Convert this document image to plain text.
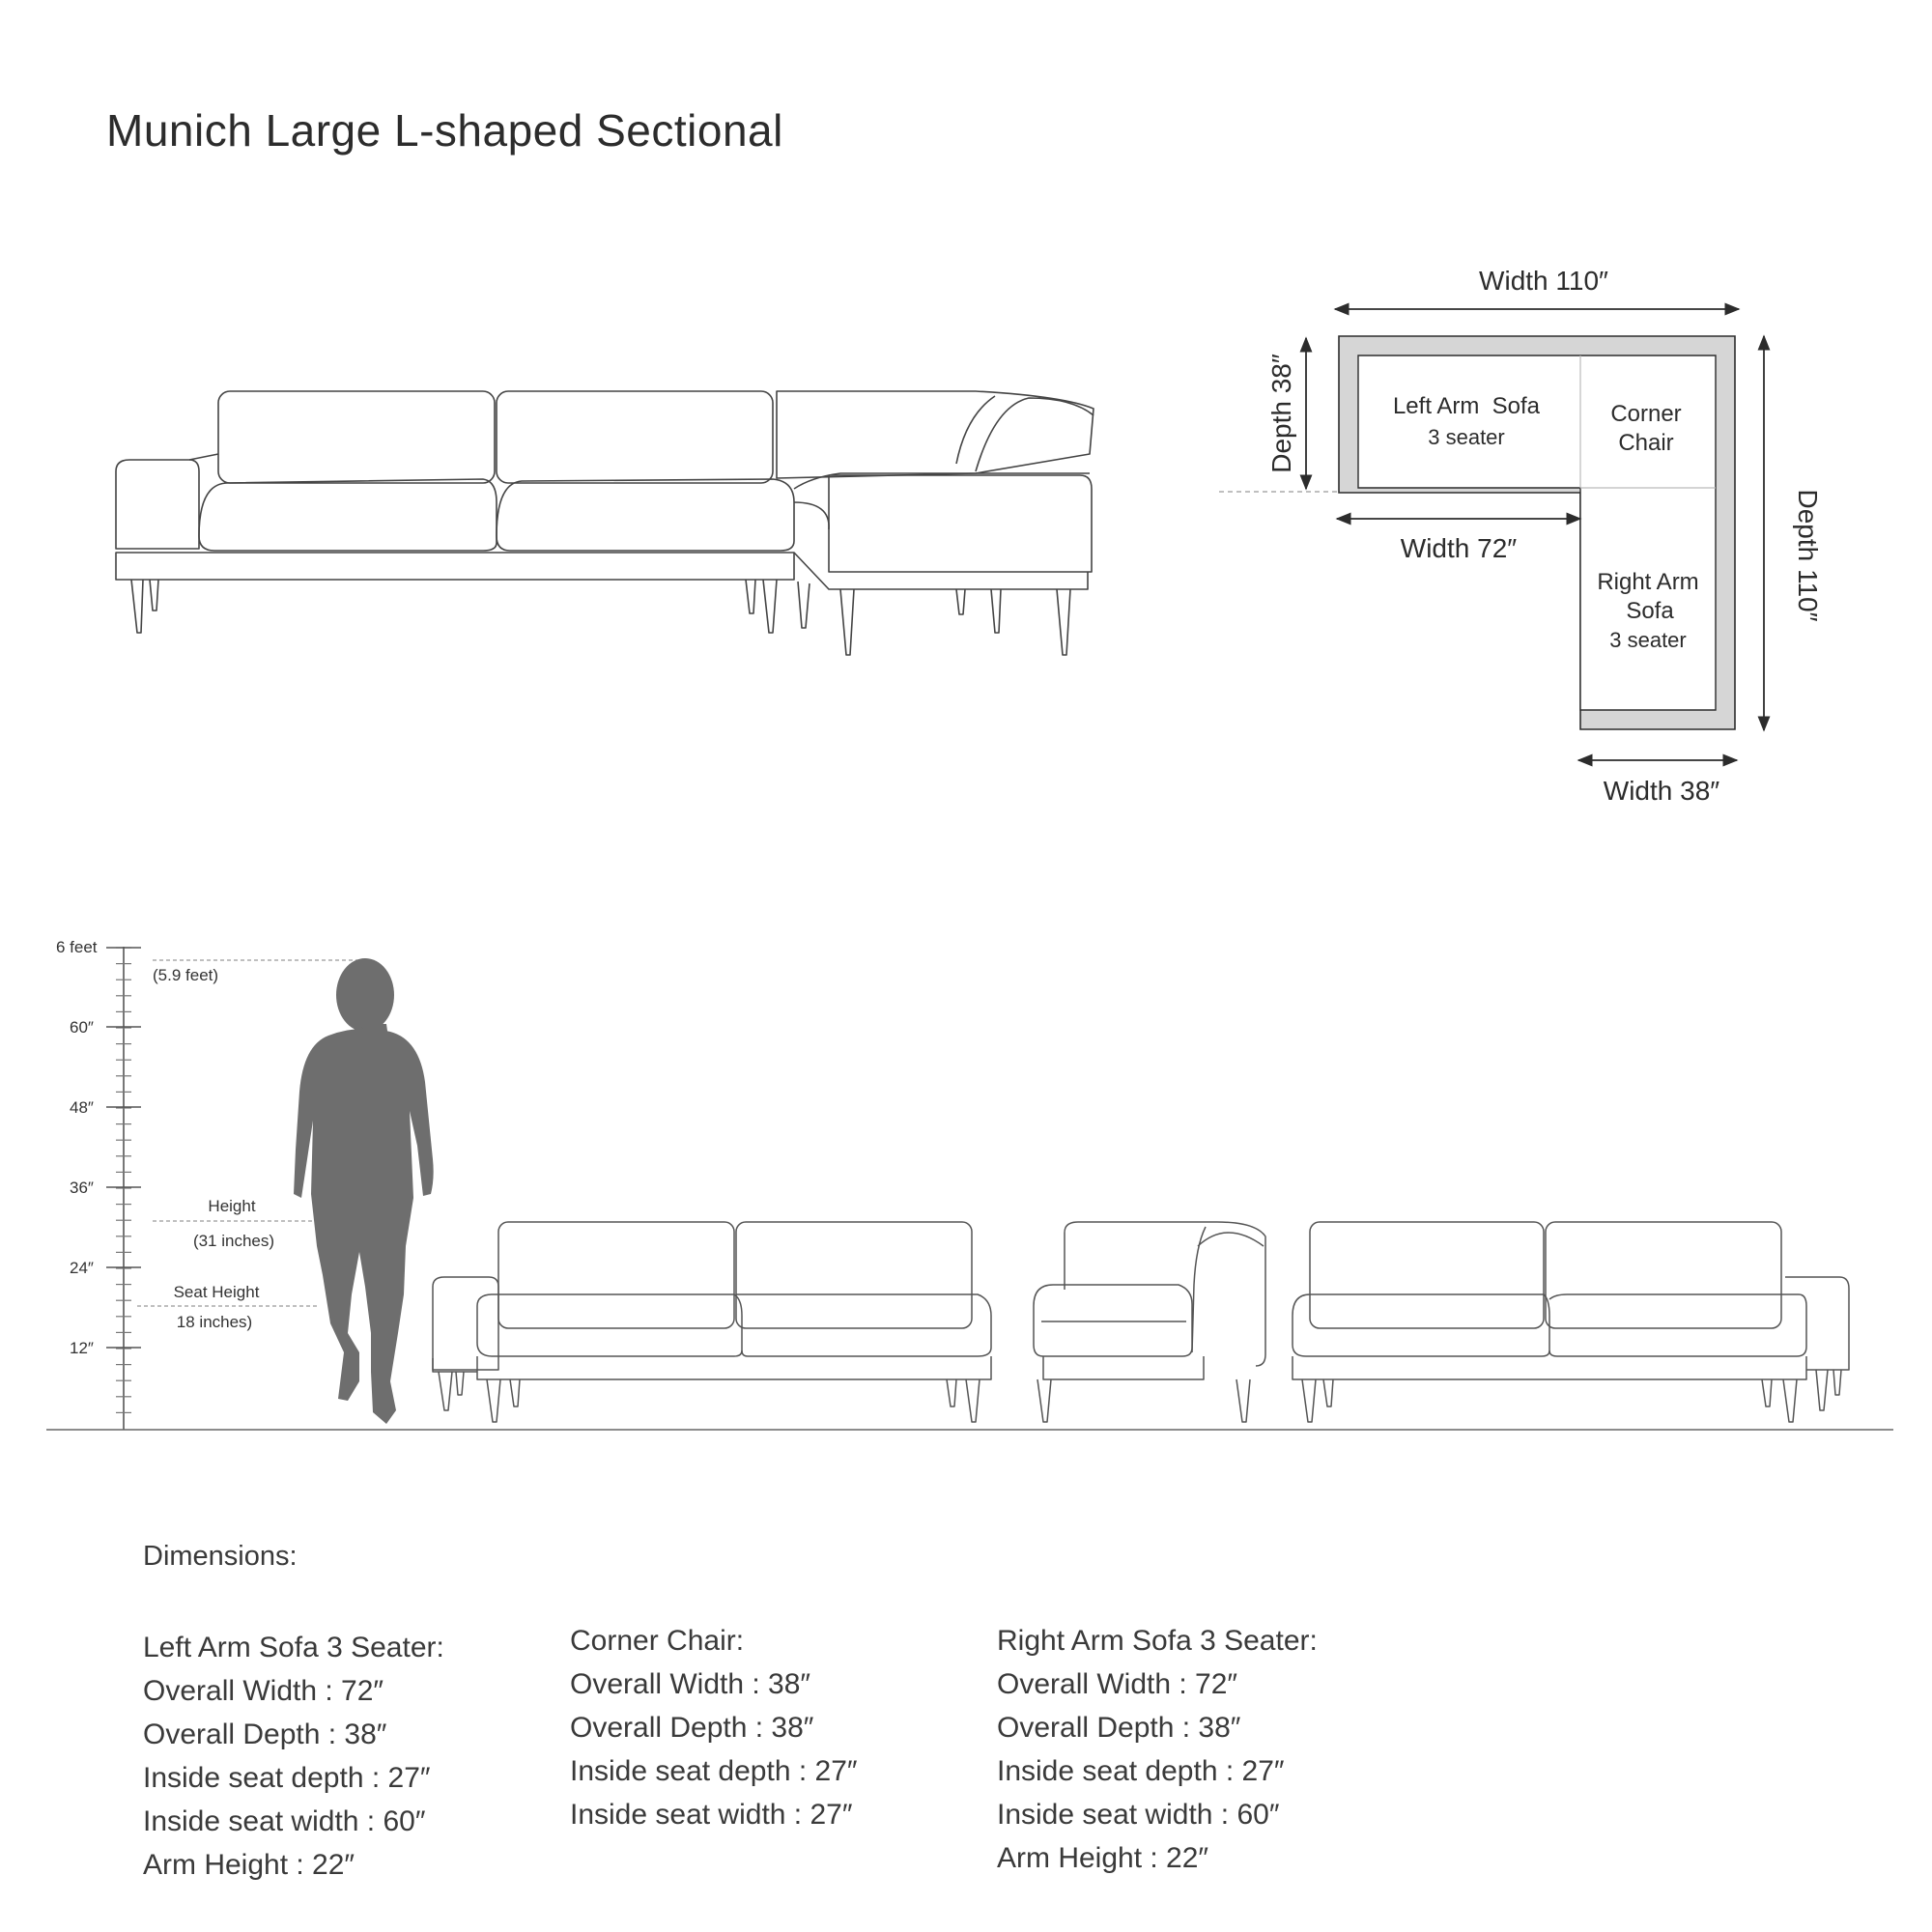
Munich Large L-shaped Sectional
Width 110″
Depth 38″
Width 72″	Depth 110″
Width 38″
Left Arm  Sofa
3 seater
Corner
Chair
Right Arm
Sofa
3 seater
6 feet
60″
48″
36″
24″
12″
(5.9 feet)
Height
(31 inches)
Seat Height
18 inches)
Dimensions:
Left Arm Sofa 3 Seater:
Overall Width : 72″
Overall Depth : 38″
Inside seat depth : 27″
Inside seat width : 60″
Arm Height : 22″
Corner Chair:
Overall Width : 38″
Overall Depth : 38″
Inside seat depth : 27″
Inside seat width : 27″
Right Arm Sofa 3 Seater:
Overall Width : 72″
Overall Depth : 38″
Inside seat depth : 27″
Inside seat width : 60″
Arm Height : 22″
